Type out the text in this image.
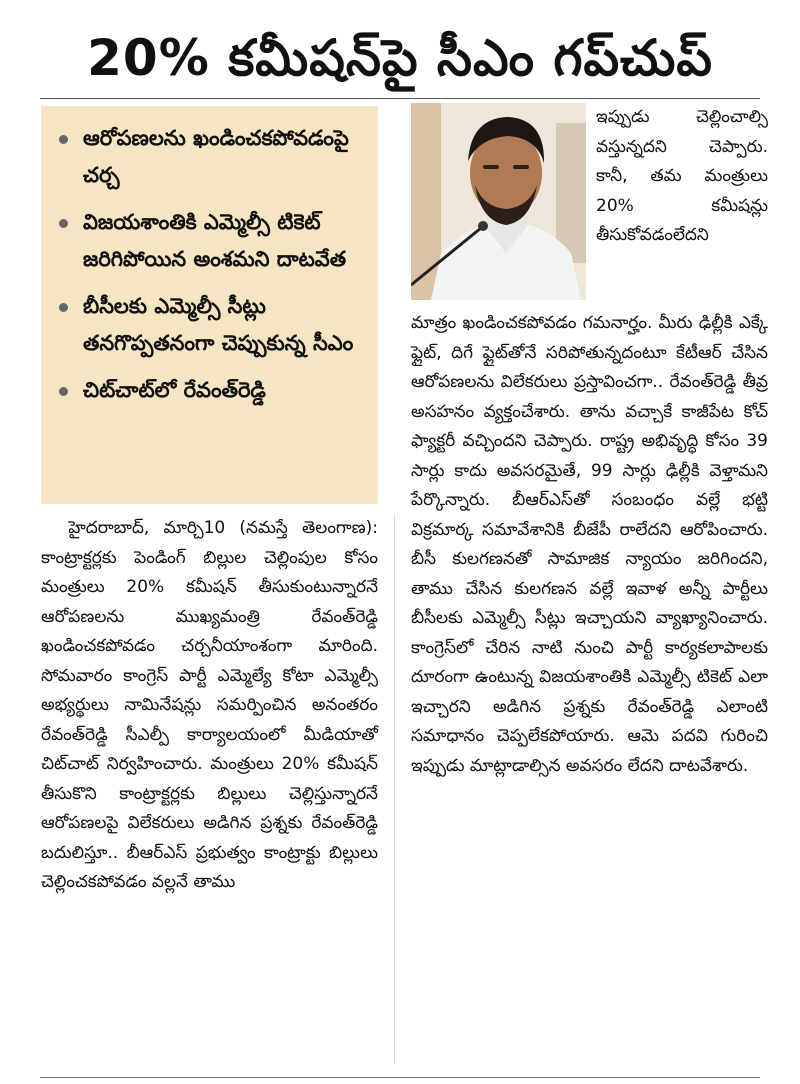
20% కమీషన్‌పై సీఎం గప్‌చుప్
ఆరోపణలను ఖండించకపోవడంపై చర్చ
విజయశాంతికి ఎమ్మెల్సీ టికెట్ జరిగిపోయిన అంశమని దాటవేత
బీసీలకు ఎమ్మెల్సీ సీట్లు తనగొప్పతనంగా చెప్పుకున్న సీఎం
చిట్‌చాట్‌లో రేవంత్‌రెడ్డి

హైదరాబాద్, మార్చి10 (నమస్తే తెలంగాణ): కాంట్రాక్టర్లకు పెండింగ్ బిల్లుల చెల్లింపుల కోసం మంత్రులు 20% కమీషన్ తీసుకుంటున్నారనే ఆరోపణలను ముఖ్యమంత్రి రేవంత్‌రెడ్డి ఖండించకపోవడం చర్చనీయాంశంగా మారింది. సోమవారం కాంగ్రెస్ పార్టీ ఎమ్మెల్యే కోటా ఎమ్మెల్సీ అభ్యర్థులు నామినేషన్లు సమర్పించిన అనంతరం రేవంత్‌రెడ్డి సీఎల్పీ కార్యాలయంలో మీడియాతో చిట్‌చాట్ నిర్వహించారు. మంత్రులు 20% కమీషన్ తీసుకొని కాంట్రాక్టర్లకు బిల్లులు చెల్లిస్తున్నారనే ఆరోపణలపై విలేకరులు అడిగిన ప్రశ్నకు రేవంత్‌రెడ్డి బదులిస్తూ.. బీఆర్‌ఎస్ ప్రభుత్వం కాంట్రాక్టు బిల్లులు చెల్లించకపోవడం వల్లనే తాము

ఇప్పుడు చెల్లించాల్సి వస్తున్నదని చెప్పారు. కానీ, తమ మంత్రులు 20% కమీషన్లు తీసుకోవడంలేదని

మాత్రం ఖండించకపోవడం గమనార్హం. మీరు ఢిల్లీకి ఎక్కే ఫ్లైట్, దిగే ఫ్లైట్‌తోనే సరిపోతున్నదంటూ కేటీఆర్ చేసిన ఆరోపణలను విలేకరులు ప్రస్తావించగా.. రేవంత్‌రెడ్డి తీవ్ర అసహనం వ్యక్తంచేశారు. తాను వచ్చాకే కాజీపేట కోచ్ ఫ్యాక్టరీ వచ్చిందని చెప్పారు. రాష్ట్ర అభివృద్ధి కోసం 39 సార్లు కాదు అవసరమైతే, 99 సార్లు ఢిల్లీకి వెళ్తామని పేర్కొన్నారు. బీఆర్‌ఎస్‌తో సంబంధం వల్లే భట్టి విక్రమార్క సమావేశానికి బీజేపీ రాలేదని ఆరోపించారు. బీసీ కులగణనతో సామాజిక న్యాయం జరిగిందని, తాము చేసిన కులగణన వల్లే ఇవాళ అన్నీ పార్టీలు బీసీలకు ఎమ్మెల్సీ సీట్లు ఇచ్చాయని వ్యాఖ్యానించారు. కాంగ్రెస్‌లో చేరిన నాటి నుంచి పార్టీ కార్యకలాపాలకు దూరంగా ఉంటున్న విజయశాంతికి ఎమ్మెల్సీ టికెట్ ఎలా ఇచ్చారని అడిగిన ప్రశ్నకు రేవంత్‌రెడ్డి ఎలాంటి సమాధానం చెప్పలేకపోయారు. ఆమె పదవి గురించి ఇప్పుడు మాట్లాడాల్సిన అవసరం లేదని దాటవేశారు.
